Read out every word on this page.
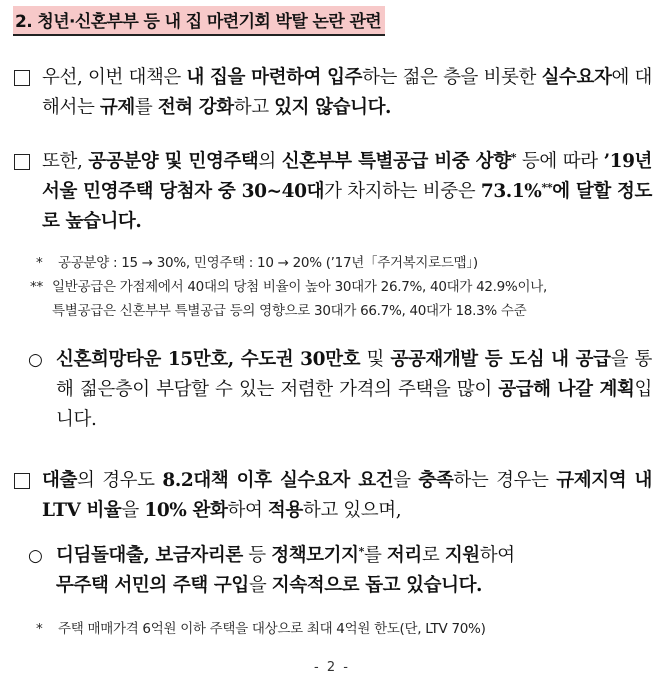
2. 청년·신혼부부 등 내 집 마련기회 박탈 논란 관련
우선, 이번 대책은 내 집을 마련하여 입주하는 젊은 층을 비롯한 실수요자에 대해서는 규제를 전혀 강화하고 있지 않습니다.
또한, 공공분양 및 민영주택의 신혼부부 특별공급 비중 상향* 등에 따라 ’19년 서울 민영주택 당첨자 중 30~40대가 차지하는 비중은 73.1%**에 달할 정도로 높습니다.
* 공공분양 : 15 → 30%, 민영주택 : 10 → 20% (’17년「주거복지로드맵」)
** 일반공급은 가점제에서 40대의 당첨 비율이 높아 30대가 26.7%, 40대가 42.9%이나,
특별공급은 신혼부부 특별공급 등의 영향으로 30대가 66.7%, 40대가 18.3% 수준
○ 신혼희망타운 15만호, 수도권 30만호 및 공공재개발 등 도심 내 공급을 통해 젊은층이 부담할 수 있는 저렴한 가격의 주택을 많이 공급해 나갈 계획입니다.
대출의 경우도 8.2대책 이후 실수요자 요건을 충족하는 경우는 규제지역 내 LTV 비율을 10% 완화하여 적용하고 있으며,
○ 디딤돌대출, 보금자리론 등 정책모기지*를 저리로 지원하여
무주택 서민의 주택 구입을 지속적으로 돕고 있습니다.
* 주택 매매가격 6억원 이하 주택을 대상으로 최대 4억원 한도(단, LTV 70%)
- 2 -
